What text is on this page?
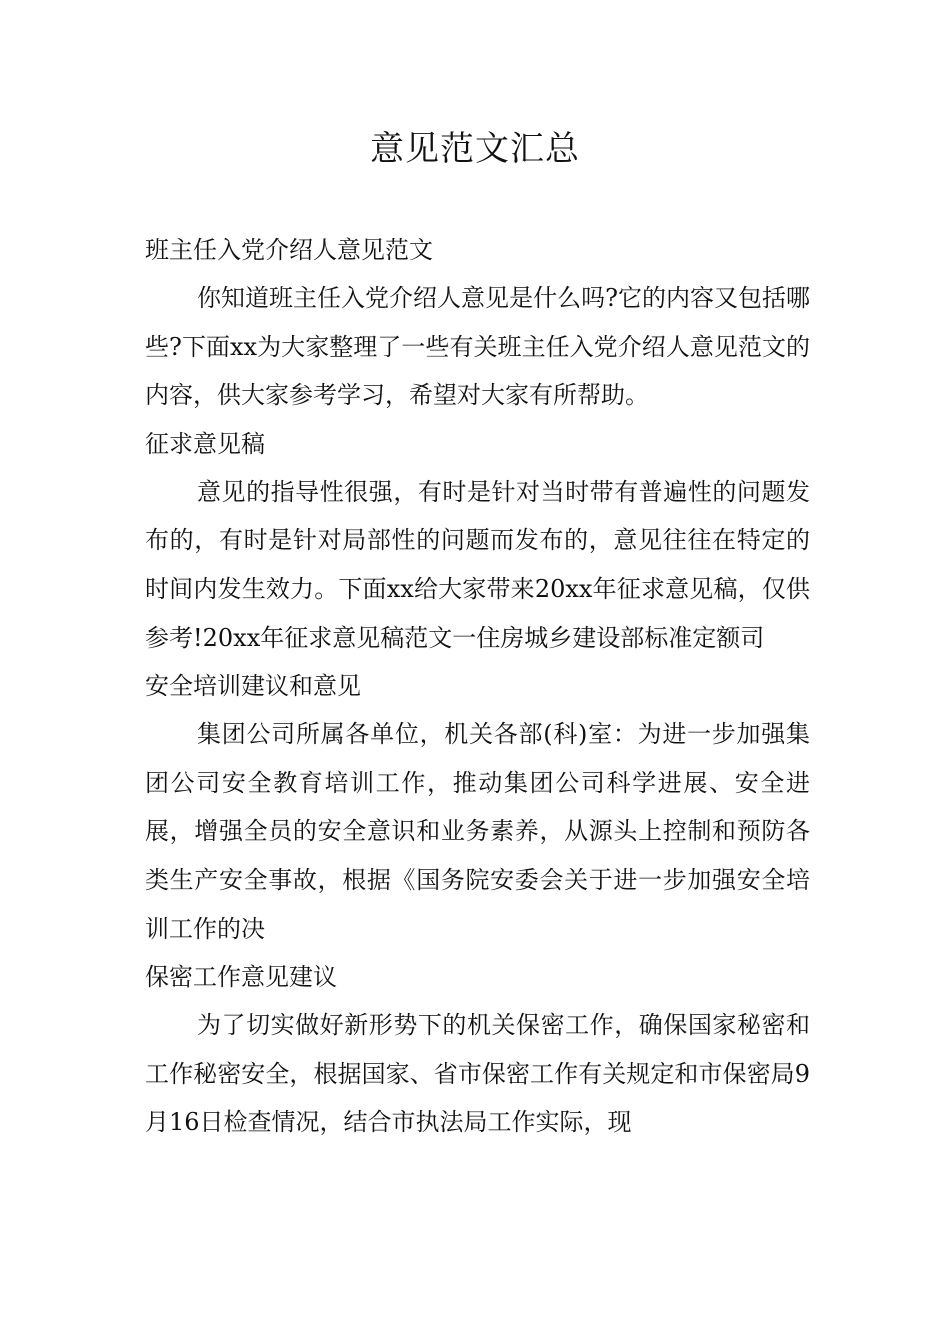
意见范文汇总
班主任入党介绍人意见范文

你知道班主任入党介绍人意见是什么吗?它的内容又包括哪些?下面xx为大家整理了一些有关班主任入党介绍人意见范文的内容，供大家参考学习，希望对大家有所帮助。

征求意见稿

意见的指导性很强，有时是针对当时带有普遍性的问题发布的，有时是针对局部性的问题而发布的，意见往往在特定的时间内发生效力。下面xx给大家带来20xx年征求意见稿，仅供参考!20xx年征求意见稿范文一住房城乡建设部标准定额司

安全培训建议和意见

集团公司所属各单位，机关各部(科)室：为进一步加强集团公司安全教育培训工作，推动集团公司科学进展、安全进展，增强全员的安全意识和业务素养，从源头上控制和预防各类生产安全事故，根据《国务院安委会关于进一步加强安全培训工作的决

保密工作意见建议

为了切实做好新形势下的机关保密工作，确保国家秘密和工作秘密安全，根据国家、省市保密工作有关规定和市保密局9月16日检查情况，结合市执法局工作实际，现
